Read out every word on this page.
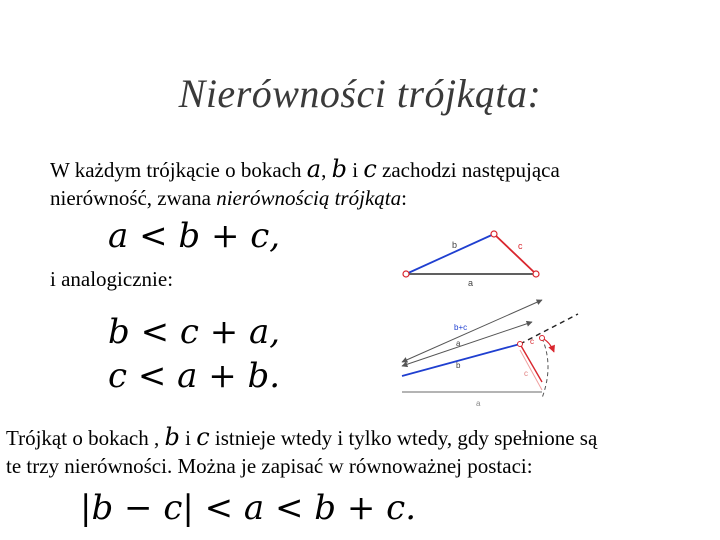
Nierówności trójkąta:
W każdym trójkącie o bokach a, b i c zachodzi następująca
nierówność, zwana nierównością trójkąta:
a < b + c,
i analogicznie:
b < c + a,
c < a + b.
Trójkąt o bokach , b i c istnieje wtedy i tylko wtedy, gdy spełnione są
te trzy nierówności. Można je zapisać w równoważnej postaci:
|b − c| < a < b + c.
b	c
a
b+c
a
b
c
c
a
